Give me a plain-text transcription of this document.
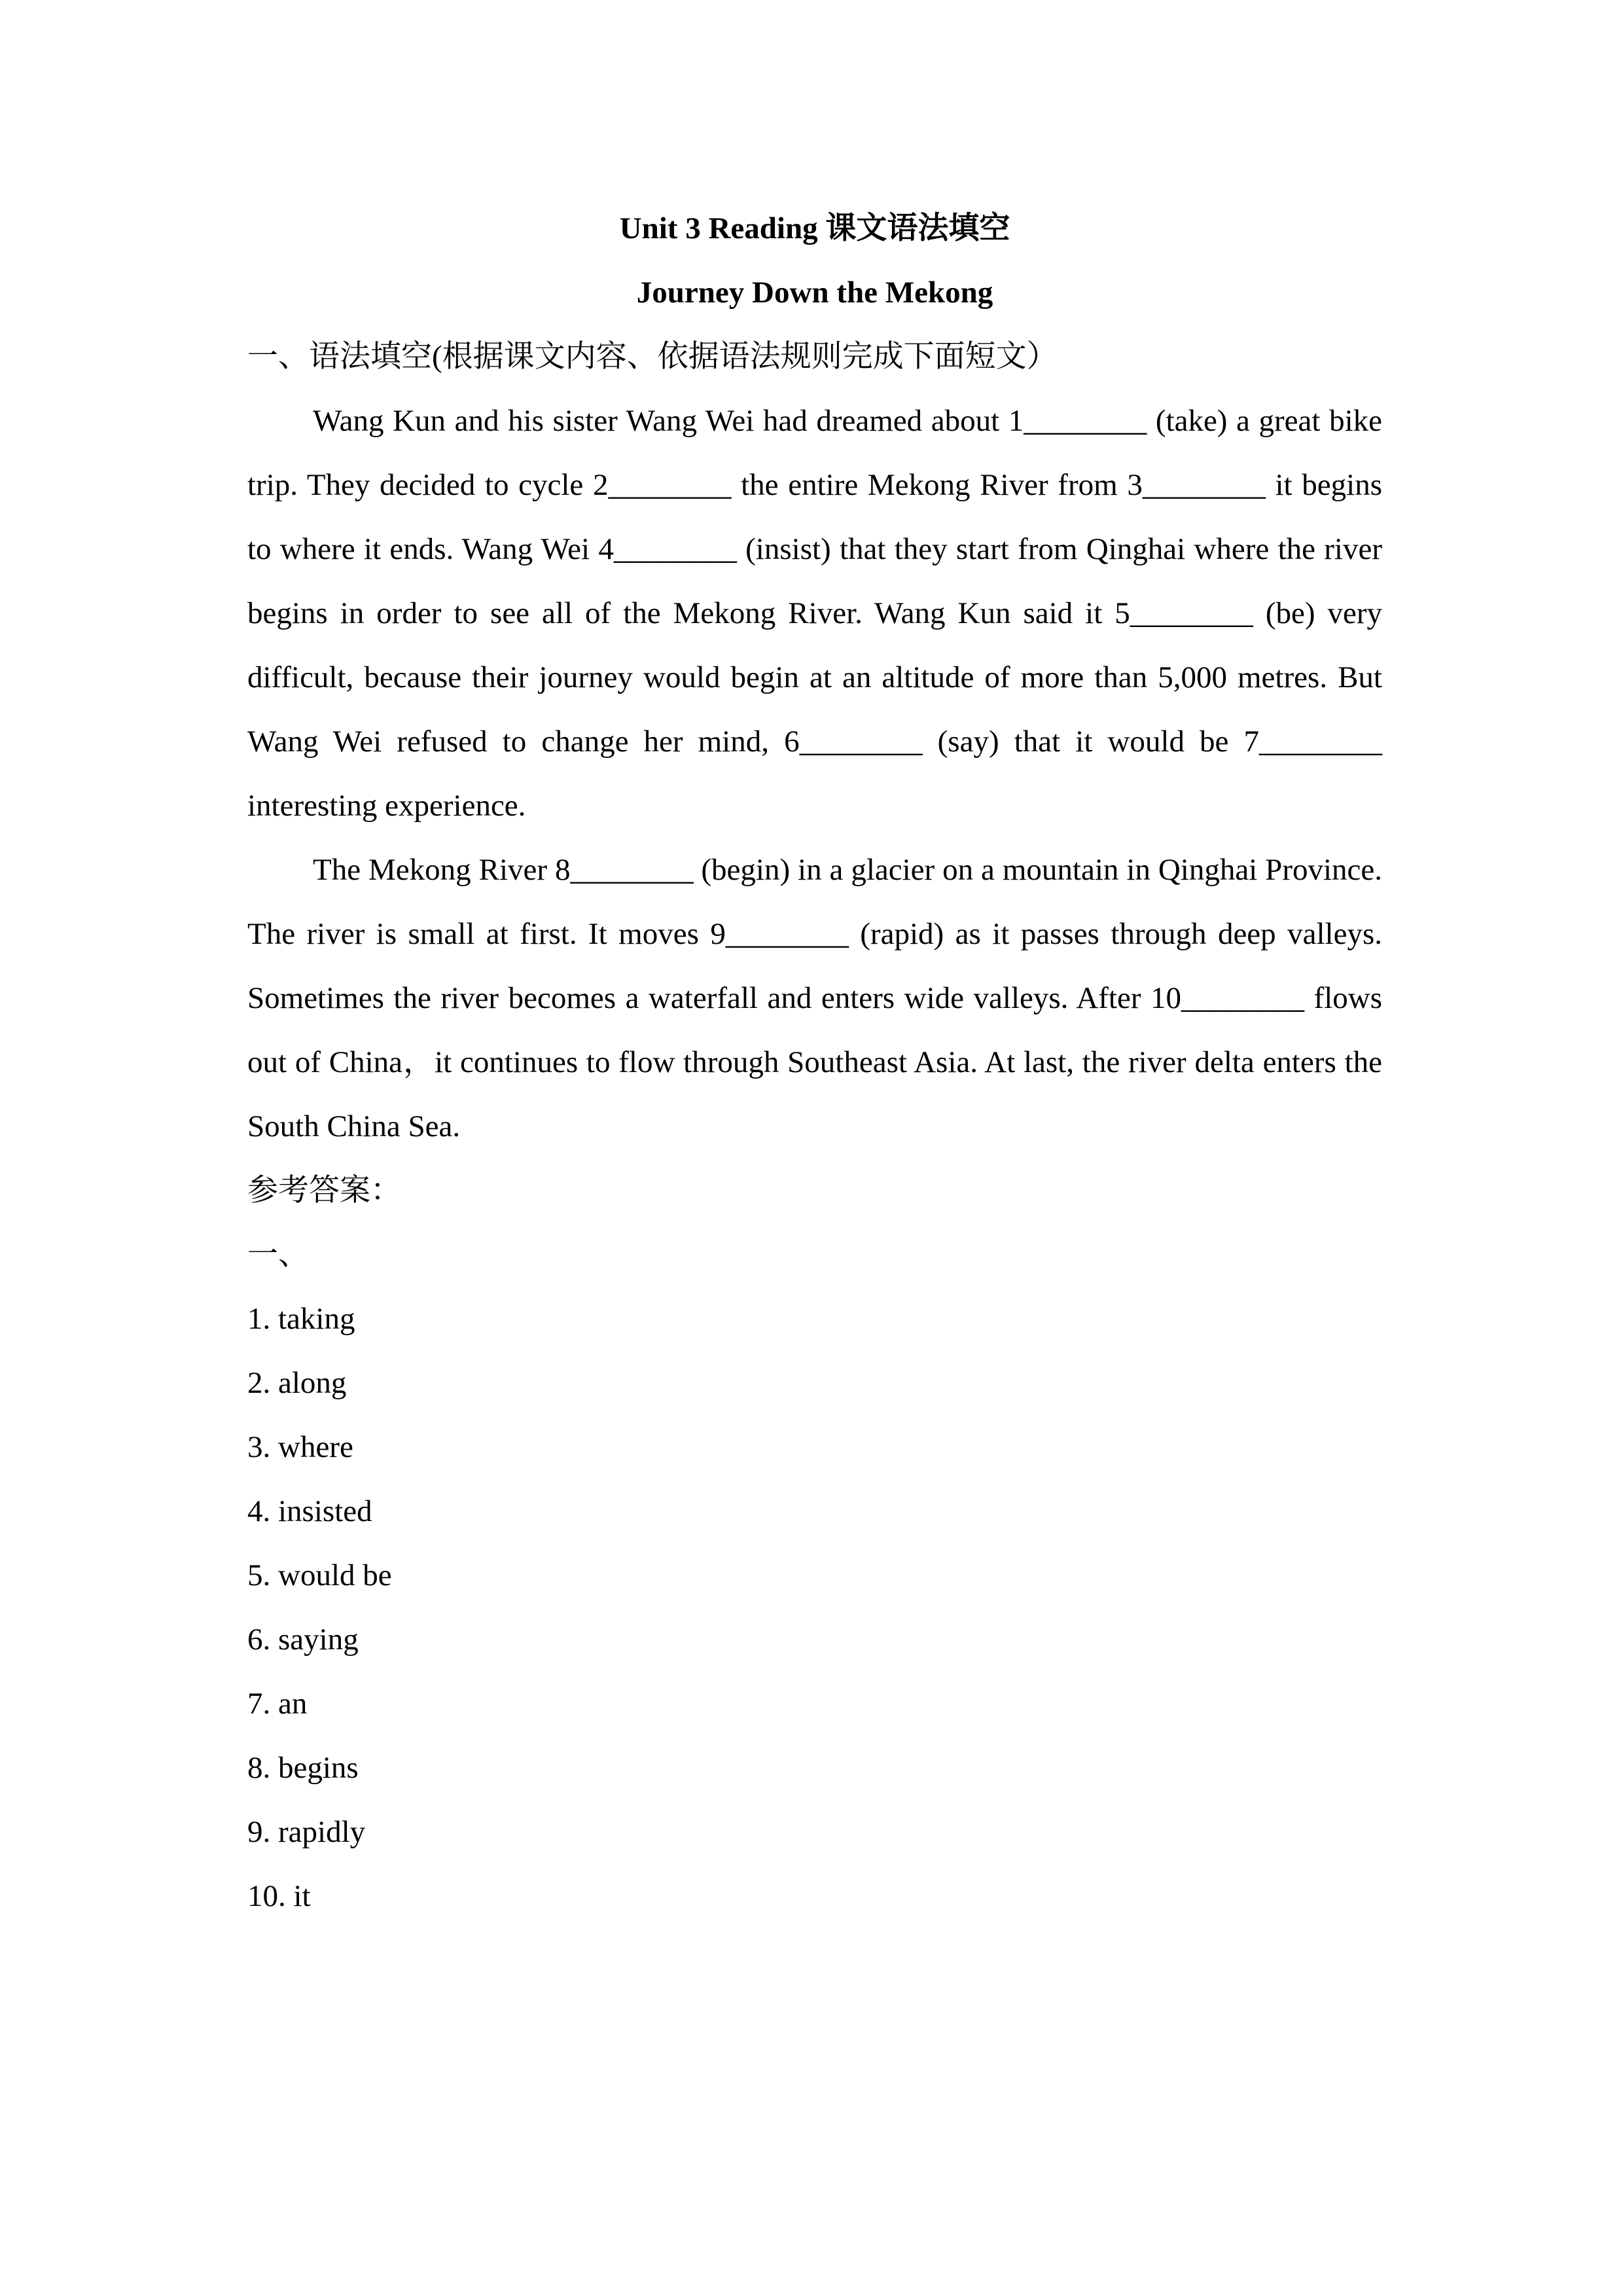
Unit 3 Reading 课文语法填空
Journey Down the Mekong

一、语法填空(根据课文内容、依据语法规则完成下面短文）

Wang Kun and his sister Wang Wei had dreamed about 1________ (take) a great bike trip. They decided to cycle 2________ the entire Mekong River from 3________ it begins to where it ends. Wang Wei 4________ (insist) that they start from Qinghai where the river begins in order to see all of the Mekong River. Wang Kun said it 5________ (be) very difficult, because their journey would begin at an altitude of more than 5,000 metres. But Wang Wei refused to change her mind, 6________ (say) that it would be 7________ interesting experience.

The Mekong River 8________ (begin) in a glacier on a mountain in Qinghai Province. The river is small at first. It moves 9________ (rapid) as it passes through deep valleys. Sometimes the river becomes a waterfall and enters wide valleys. After 10________ flows out of China，it continues to flow through Southeast Asia. At last, the river delta enters the South China Sea.

参考答案：

一、

1. taking
2. along
3. where
4. insisted
5. would be
6. saying
7. an
8. begins
9. rapidly
10. it
